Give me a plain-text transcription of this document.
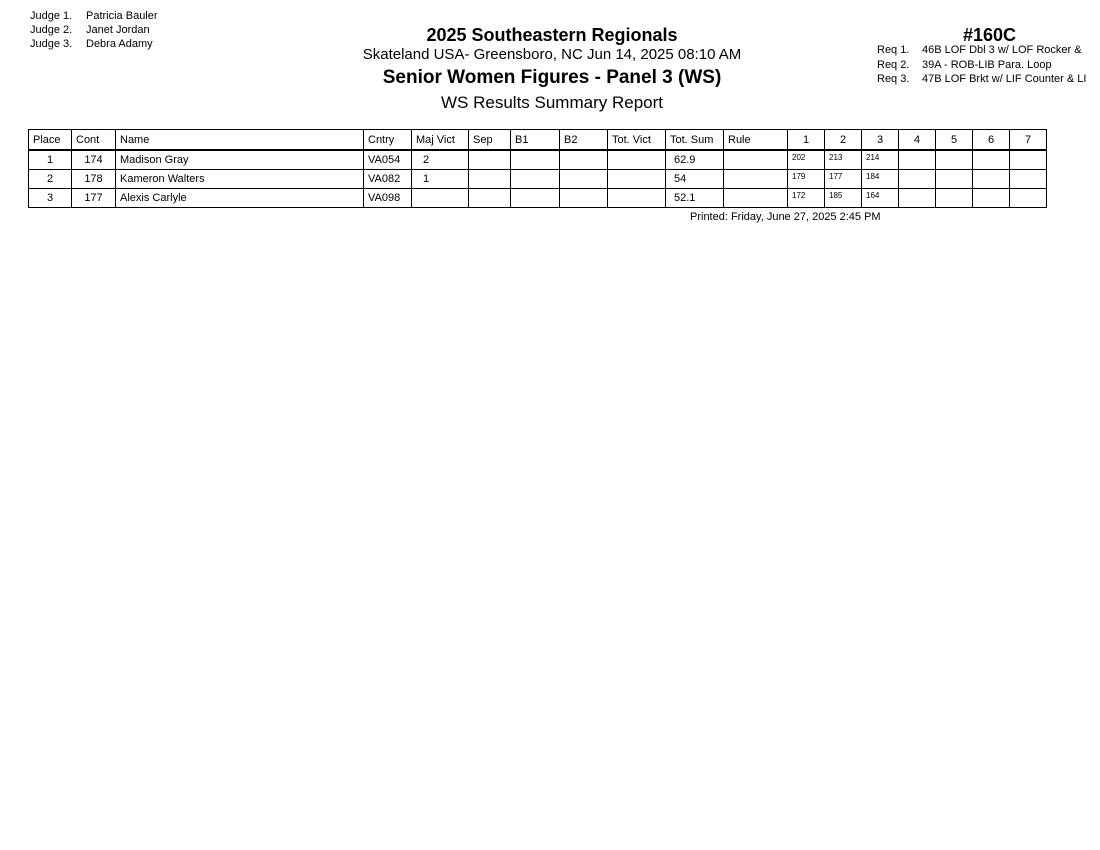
Judge 1.	Patricia Bauler
Judge 2.	Janet Jordan
Judge 3.	Debra Adamy	2025 Southeastern Regionals
Skateland USA- Greensboro, NC Jun 14, 2025 08:10 AM
Senior Women Figures - Panel 3 (WS)
WS Results Summary Report
#160C
Req 1.	46B LOF Dbl 3 w/ LOF Rocker &
Req 2.	39A - ROB-LIB Para. Loop
Req 3.	47B LOF Brkt w/ LIF Counter & LI
Place	Cont	Name	Cntry	Maj Vict	Sep	B1	B2	Tot. Vict	Tot. Sum	Rule	1	2	3	4	5	6	7
1	174	Madison Gray	VA054	2					62.9		202	213	214				
2	178	Kameron Walters	VA082	1					54		179	177	184				
3	177	Alexis Carlyle	VA098						52.1		172	185	164				
Printed: Friday, June 27, 2025 2:45 PM
